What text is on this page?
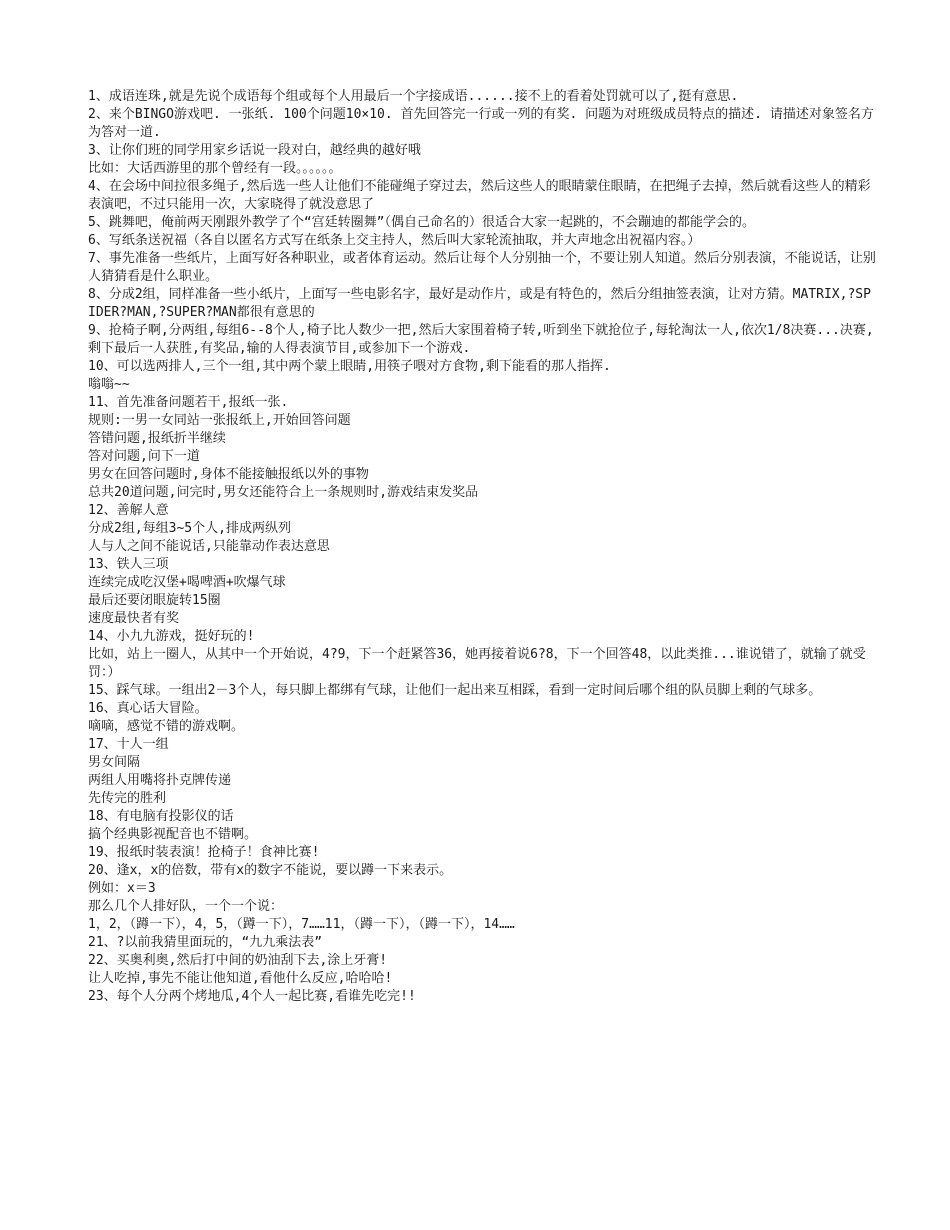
1、成语连珠,就是先说个成语每个组或每个人用最后一个字接成语......接不上的看着处罚就可以了,挺有意思.

2、来个BINGO游戏吧. 一张纸. 100个问题10×10. 首先回答完一行或一列的有奖. 问题为对班级成员特点的描述. 请描述对象签名方为答对一道.

3、让你们班的同学用家乡话说一段对白，越经典的越好哦

比如：大话西游里的那个曾经有一段。。。。。。

4、在会场中间拉很多绳子,然后选一些人让他们不能碰绳子穿过去，然后这些人的眼睛蒙住眼睛，在把绳子去掉，然后就看这些人的精彩表演吧，不过只能用一次，大家晓得了就没意思了

5、跳舞吧，俺前两天刚跟外教学了个“宫廷转圈舞”（偶自己命名的）很适合大家一起跳的，不会蹦迪的都能学会的。

6、写纸条送祝福（各自以匿名方式写在纸条上交主持人，然后叫大家轮流抽取，并大声地念出祝福内容。）

7、事先准备一些纸片，上面写好各种职业，或者体育运动。然后让每个人分别抽一个，不要让别人知道。然后分别表演，不能说话，让别人猜猜看是什么职业。

8、分成2组，同样准备一些小纸片，上面写一些电影名字，最好是动作片，或是有特色的，然后分组抽签表演，让对方猜。MATRIX,?SPIDER?MAN,?SUPER?MAN都很有意思的

9、抢椅子啊,分两组,每组6--8个人,椅子比人数少一把,然后大家围着椅子转,听到坐下就抢位子,每轮淘汰一人,依次1/8决赛...决赛,剩下最后一人获胜,有奖品,输的人得表演节目,或参加下一个游戏.

10、可以选两排人,三个一组,其中两个蒙上眼睛,用筷子喂对方食物,剩下能看的那人指挥.

嗡嗡~~

11、首先准备问题若干,报纸一张.

规则:一男一女同站一张报纸上,开始回答问题

答错问题,报纸折半继续

答对问题,问下一道

男女在回答问题时,身体不能接触报纸以外的事物

总共20道问题,问完时,男女还能符合上一条规则时,游戏结束发奖品

12、善解人意

分成2组,每组3~5个人,排成两纵列

人与人之间不能说话,只能靠动作表达意思

13、铁人三项

连续完成吃汉堡+喝啤酒+吹爆气球

最后还要闭眼旋转15圈

速度最快者有奖

14、小九九游戏，挺好玩的!

比如，站上一圈人，从其中一个开始说，4?9，下一个赶紧答36，她再接着说6?8，下一个回答48，以此类推...谁说错了，就输了就受罚：）

15、踩气球。一组出2－3个人，每只脚上都绑有气球，让他们一起出来互相踩，看到一定时间后哪个组的队员脚上剩的气球多。

16、真心话大冒险。

嘀嘀，感觉不错的游戏啊。

17、十人一组

男女间隔

两组人用嘴将扑克牌传递

先传完的胜利

18、有电脑有投影仪的话

搞个经典影视配音也不错啊。

19、报纸时装表演！抢椅子！食神比赛!

20、逢x，x的倍数，带有x的数字不能说，要以蹲一下来表示。

例如：x＝3

那么几个人排好队，一个一个说：

1，2，（蹲一下），4，5，（蹲一下），7……11，（蹲一下），（蹲一下），14……

21、?以前我猜里面玩的，“九九乘法表”

22、买奥利奥,然后打中间的奶油刮下去,涂上牙膏!

让人吃掉,事先不能让他知道,看他什么反应,哈哈哈!

23、每个人分两个烤地瓜,4个人一起比赛,看谁先吃完!!
